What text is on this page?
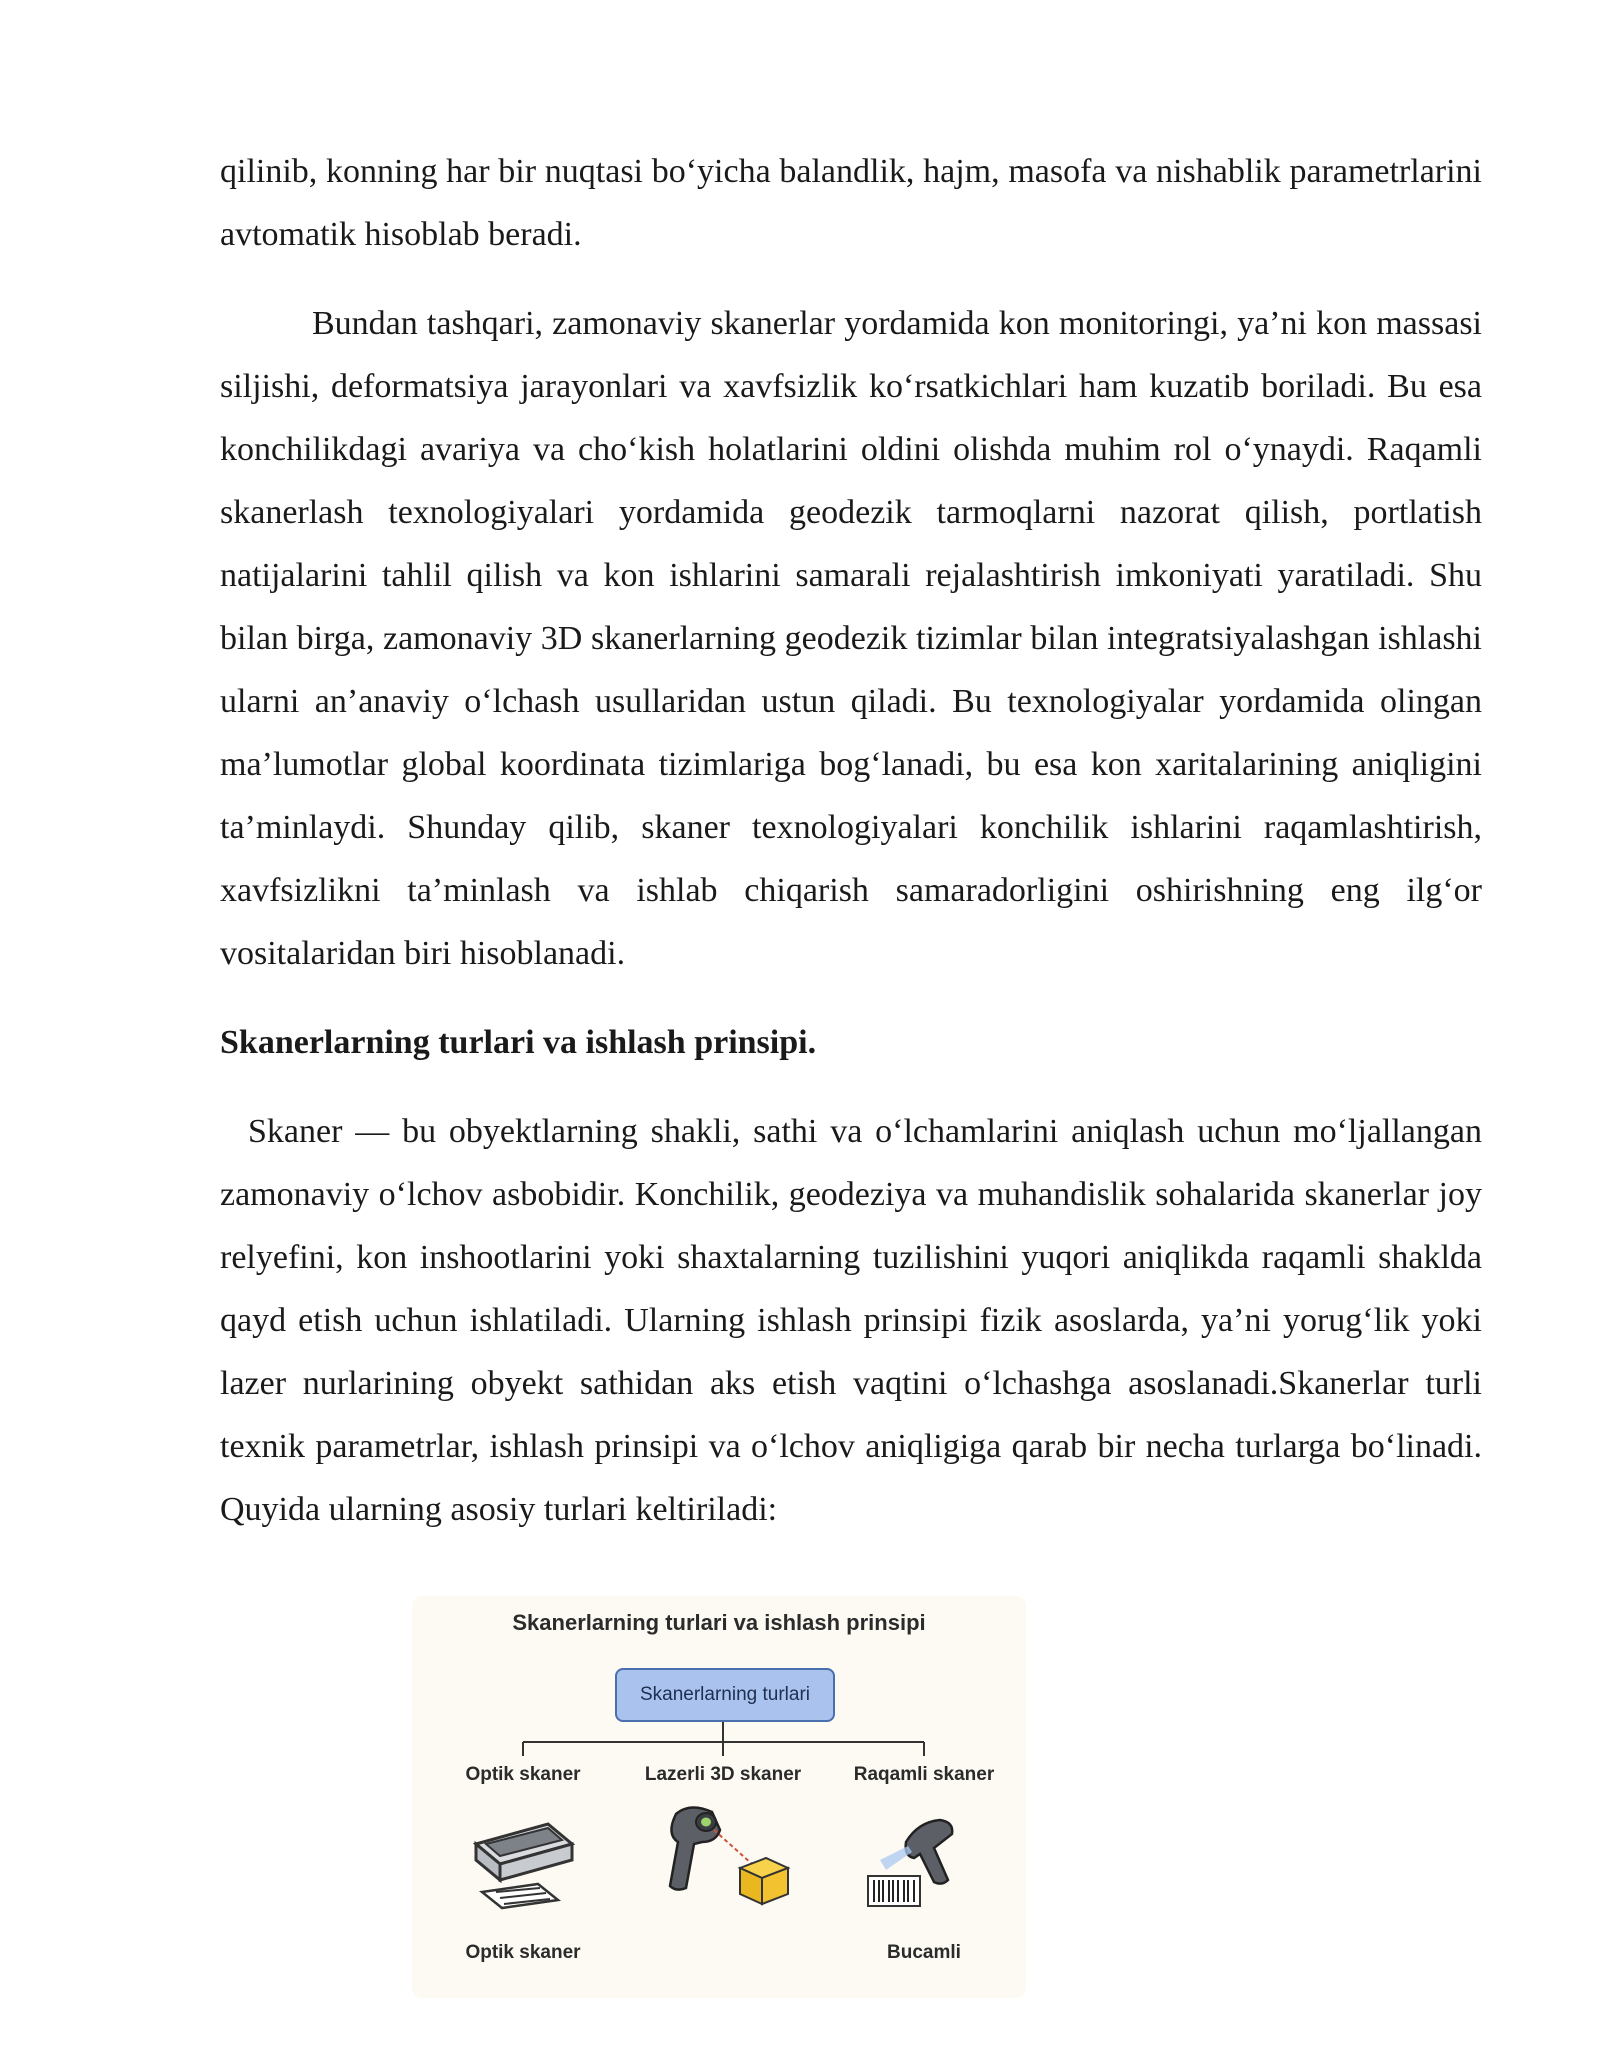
qilinib, konning har bir nuqtasi bo‘yicha balandlik, hajm, masofa va nishablik parametrlarini avtomatik hisoblab beradi.

Bundan tashqari, zamonaviy skanerlar yordamida kon monitoringi, ya’ni kon massasi siljishi, deformatsiya jarayonlari va xavfsizlik ko‘rsatkichlari ham kuzatib boriladi. Bu esa konchilikdagi avariya va cho‘kish holatlarini oldini olishda muhim rol o‘ynaydi. Raqamli skanerlash texnologiyalari yordamida geodezik tarmoqlarni nazorat qilish, portlatish natijalarini tahlil qilish va kon ishlarini samarali rejalashtirish imkoniyati yaratiladi. Shu bilan birga, zamonaviy 3D skanerlarning geodezik tizimlar bilan integratsiyalashgan ishlashi ularni an’anaviy o‘lchash usullaridan ustun qiladi. Bu texnologiyalar yordamida olingan ma’lumotlar global koordinata tizimlariga bog‘lanadi, bu esa kon xaritalarining aniqligini ta’minlaydi. Shunday qilib, skaner texnologiyalari konchilik ishlarini raqamlashtirish, xavfsizlikni ta’minlash va ishlab chiqarish samaradorligini oshirishning eng ilg‘or vositalaridan biri hisoblanadi.

Skanerlarning turlari va ishlash prinsipi.

Skaner — bu obyektlarning shakli, sathi va o‘lchamlarini aniqlash uchun mo‘ljallangan zamonaviy o‘lchov asbobidir. Konchilik, geodeziya va muhandislik sohalarida skanerlar joy relyefini, kon inshootlarini yoki shaxtalarning tuzilishini yuqori aniqlikda raqamli shaklda qayd etish uchun ishlatiladi. Ularning ishlash prinsipi fizik asoslarda, ya’ni yorug‘lik yoki lazer nurlarining obyekt sathidan aks etish vaqtini o‘lchashga asoslanadi.Skanerlar turli texnik parametrlar, ishlash prinsipi va o‘lchov aniqligiga qarab bir necha turlarga bo‘linadi. Quyida ularning asosiy turlari keltiriladi:

Skanerlarning turlari va ishlash prinsipi
Skanerlarning turlari
Optik skaner	Lazerli 3D skaner	Raqamli skaner
Optik skaner	Bucamli
